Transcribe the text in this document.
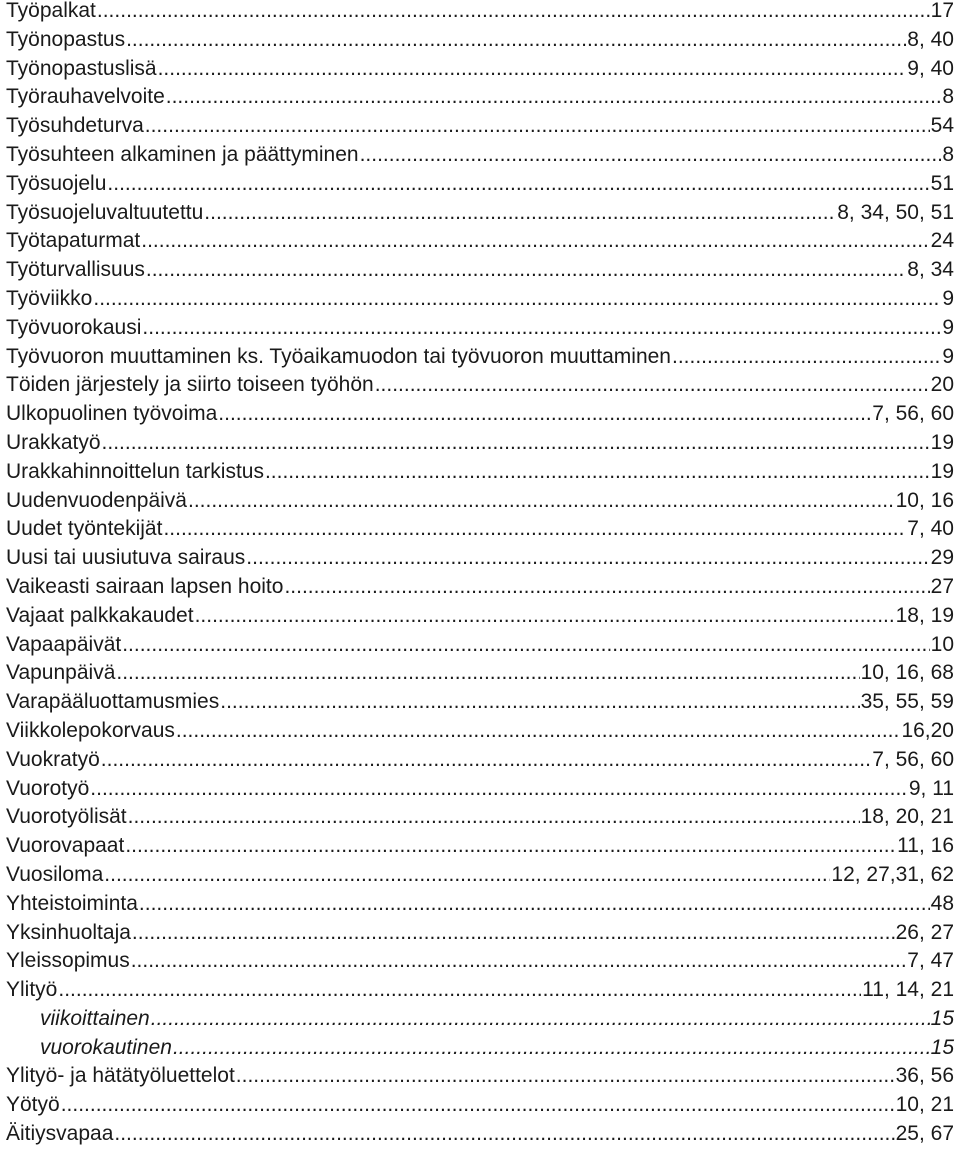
Työpalkat .....	17
Työnopastus .....	8, 40
Työnopastuslisä .....	9, 40
Työrauhavelvoite .....	8
Työsuhdeturva .....	54
Työsuhteen alkaminen ja päättyminen .....	8
Työsuojelu .....	51
Työsuojeluvaltuutettu .....	8, 34, 50, 51
Työtapaturmat .....	24
Työturvallisuus .....	8, 34
Työviikko .....	9
Työvuorokausi .....	9
Työvuoron muuttaminen ks. Työaikamuodon tai työvuoron muuttaminen .....	9
Töiden järjestely ja siirto toiseen työhön .....	20
Ulkopuolinen työvoima .....	7, 56, 60
Urakkatyö .....	19
Urakkahinnoittelun tarkistus .....	19
Uudenvuodenpäivä .....	10, 16
Uudet työntekijät .....	7, 40
Uusi tai uusiutuva sairaus .....	29
Vaikeasti sairaan lapsen hoito .....	27
Vajaat palkkakaudet .....	18, 19
Vapaapäivät .....	10
Vapunpäivä .....	10, 16, 68
Varapääluottamusmies .....	35, 55, 59
Viikkolepokorvaus .....	16,20
Vuokratyö .....	7, 56, 60
Vuorotyö .....	9, 11
Vuorotyölisät .....	18, 20, 21
Vuorovapaat .....	11, 16
Vuosiloma .....	12, 27,31, 62
Yhteistoiminta .....	48
Yksinhuoltaja .....	26, 27
Yleissopimus .....	7, 47
Ylityö .....	11, 14, 21
viikoittainen .....	15
vuorokautinen .....	15
Ylityö- ja hätätyöluettelot .....	36, 56
Yötyö .....	10, 21
Äitiysvapaa .....	25, 67
